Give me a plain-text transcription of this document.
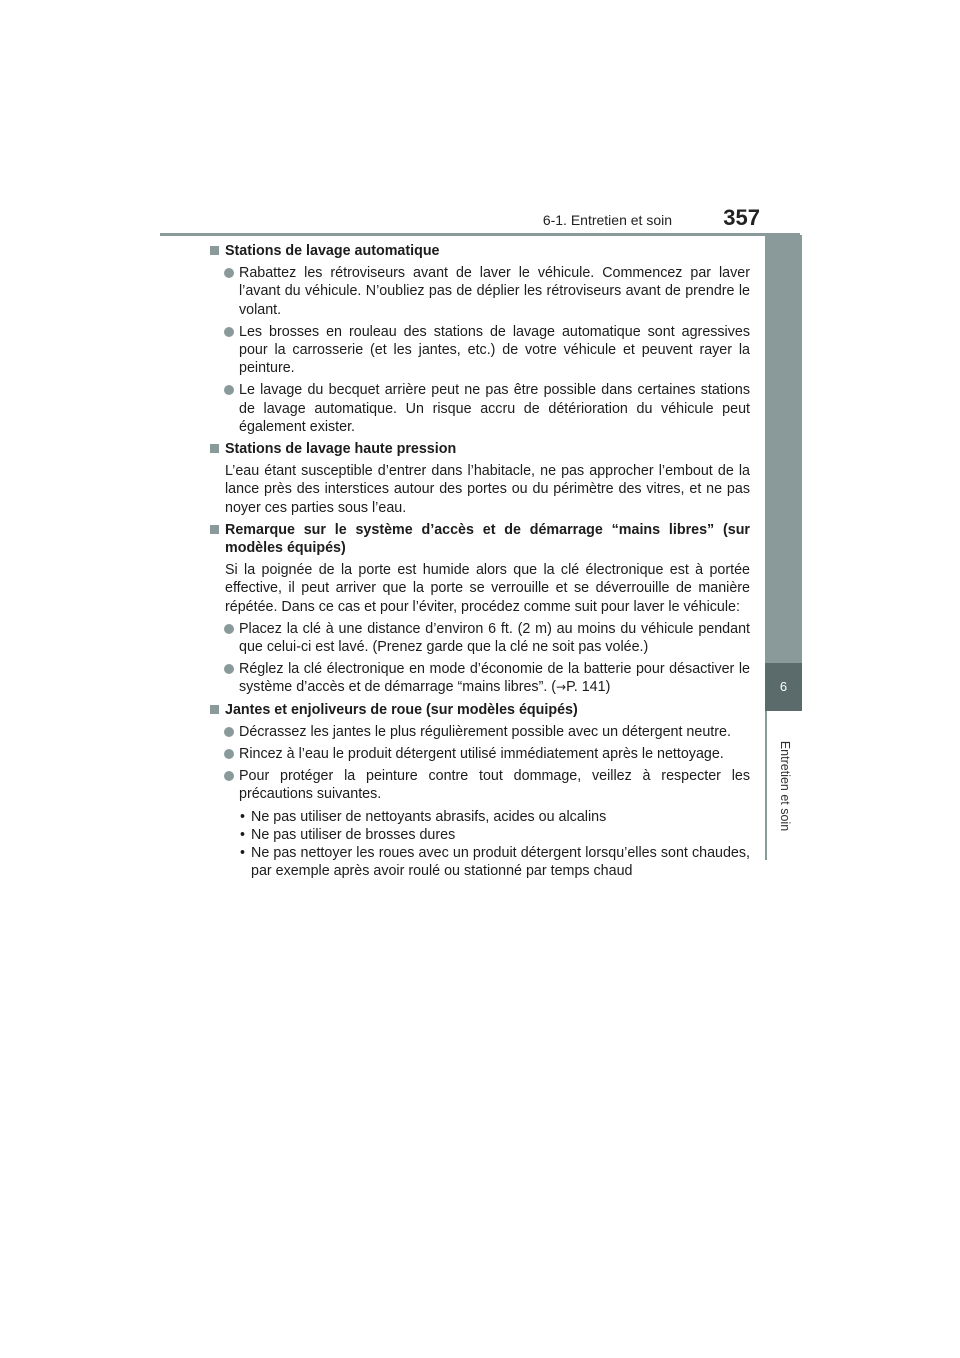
6-1. Entretien et soin 357
6
Entretien et soin
Stations de lavage automatique
Rabattez les rétroviseurs avant de laver le véhicule. Commencez par laver l’avant du véhicule. N’oubliez pas de déplier les rétroviseurs avant de prendre le volant.
Les brosses en rouleau des stations de lavage automatique sont agressives pour la carrosserie (et les jantes, etc.) de votre véhicule et peuvent rayer la peinture.
Le lavage du becquet arrière peut ne pas être possible dans certaines stations de lavage automatique. Un risque accru de détérioration du véhicule peut également exister.
Stations de lavage haute pression
L’eau étant susceptible d’entrer dans l’habitacle, ne pas approcher l’embout de la lance près des interstices autour des portes ou du périmètre des vitres, et ne pas noyer ces parties sous l’eau.
Remarque sur le système d’accès et de démarrage “mains libres” (sur modèles équipés)
Si la poignée de la porte est humide alors que la clé électronique est à portée effective, il peut arriver que la porte se verrouille et se déverrouille de manière répétée. Dans ce cas et pour l’éviter, procédez comme suit pour laver le véhicule:
Placez la clé à une distance d’environ 6 ft. (2 m) au moins du véhicule pendant que celui-ci est lavé. (Prenez garde que la clé ne soit pas volée.)
Réglez la clé électronique en mode d’économie de la batterie pour désactiver le système d’accès et de démarrage “mains libres”. (→P. 141)
Jantes et enjoliveurs de roue (sur modèles équipés)
Décrassez les jantes le plus régulièrement possible avec un détergent neutre.
Rincez à l’eau le produit détergent utilisé immédiatement après le nettoyage.
Pour protéger la peinture contre tout dommage, veillez à respecter les précautions suivantes.
• Ne pas utiliser de nettoyants abrasifs, acides ou alcalins
• Ne pas utiliser de brosses dures
• Ne pas nettoyer les roues avec un produit détergent lorsqu’elles sont chaudes, par exemple après avoir roulé ou stationné par temps chaud
